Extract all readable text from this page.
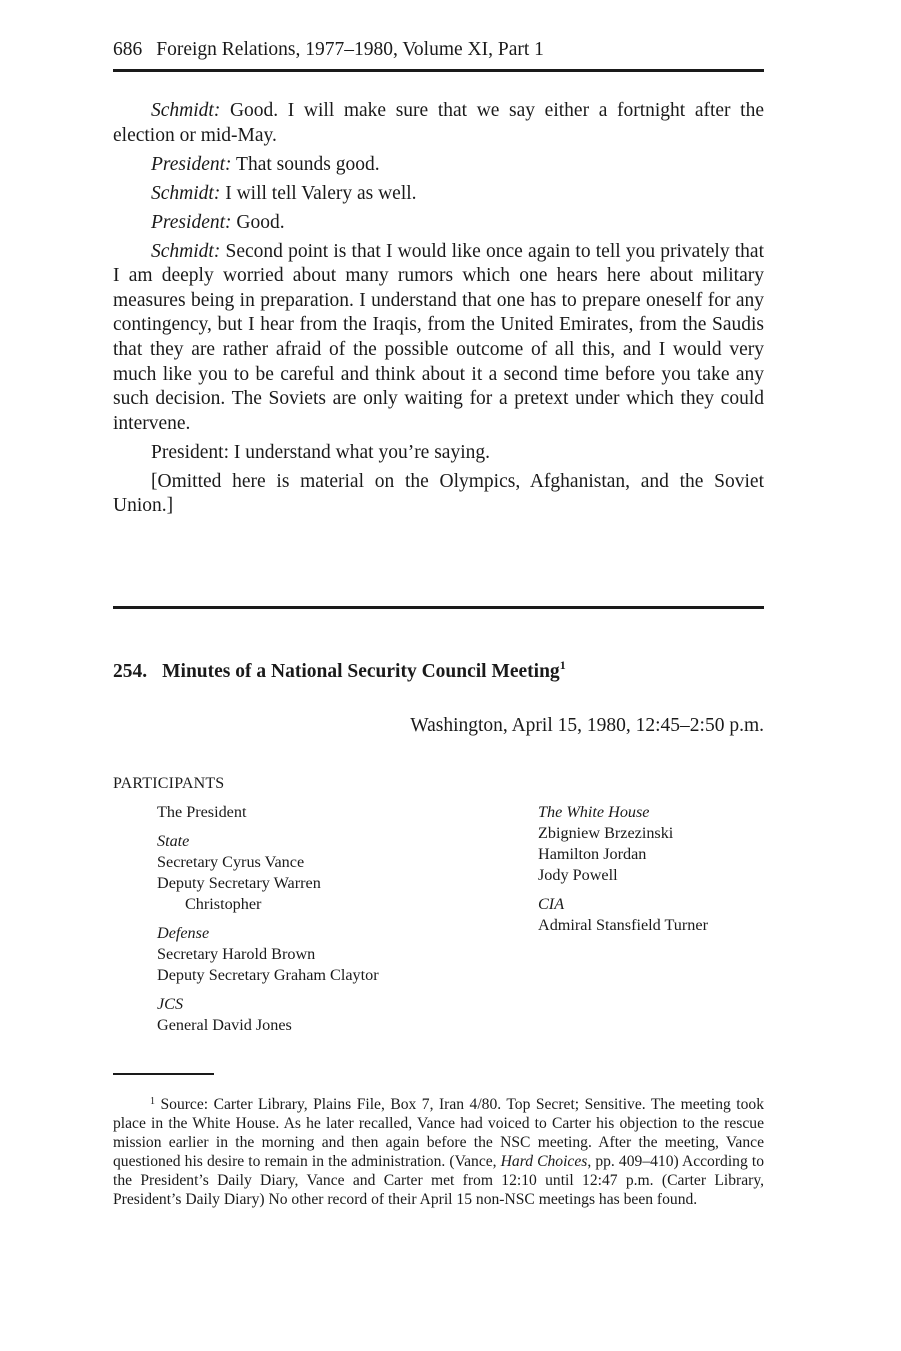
686 Foreign Relations, 1977–1980, Volume XI, Part 1

Schmidt: Good. I will make sure that we say either a fortnight after the election or mid-May.

President: That sounds good.

Schmidt: I will tell Valery as well.

President: Good.

Schmidt: Second point is that I would like once again to tell you privately that I am deeply worried about many rumors which one hears here about military measures being in preparation. I understand that one has to prepare oneself for any contingency, but I hear from the Iraqis, from the United Emirates, from the Saudis that they are rather afraid of the possible outcome of all this, and I would very much like you to be careful and think about it a second time before you take any such decision. The Soviets are only waiting for a pretext under which they could intervene.

President: I understand what you’re saying.

[Omitted here is material on the Olympics, Afghanistan, and the Soviet Union.]

254. Minutes of a National Security Council Meeting$^1$
Washington, April 15, 1980, 12:45–2:50 p.m.
PARTICIPANTS
The President
State
Secretary Cyrus Vance
Deputy Secretary Warren
Christopher
Defense
Secretary Harold Brown
Deputy Secretary Graham Claytor
JCS
General David Jones
The White House
Zbigniew Brzezinski
Hamilton Jordan
Jody Powell
CIA
Admiral Stansfield Turner

$^1$ Source: Carter Library, Plains File, Box 7, Iran 4/80. Top Secret; Sensitive. The meeting took place in the White House. As he later recalled, Vance had voiced to Carter his objection to the rescue mission earlier in the morning and then again before the NSC meeting. After the meeting, Vance questioned his desire to remain in the administration. (Vance, Hard Choices, pp. 409–410) According to the President’s Daily Diary, Vance and Carter met from 12:10 until 12:47 p.m. (Carter Library, President’s Daily Diary) No other record of their April 15 non-NSC meetings has been found.
